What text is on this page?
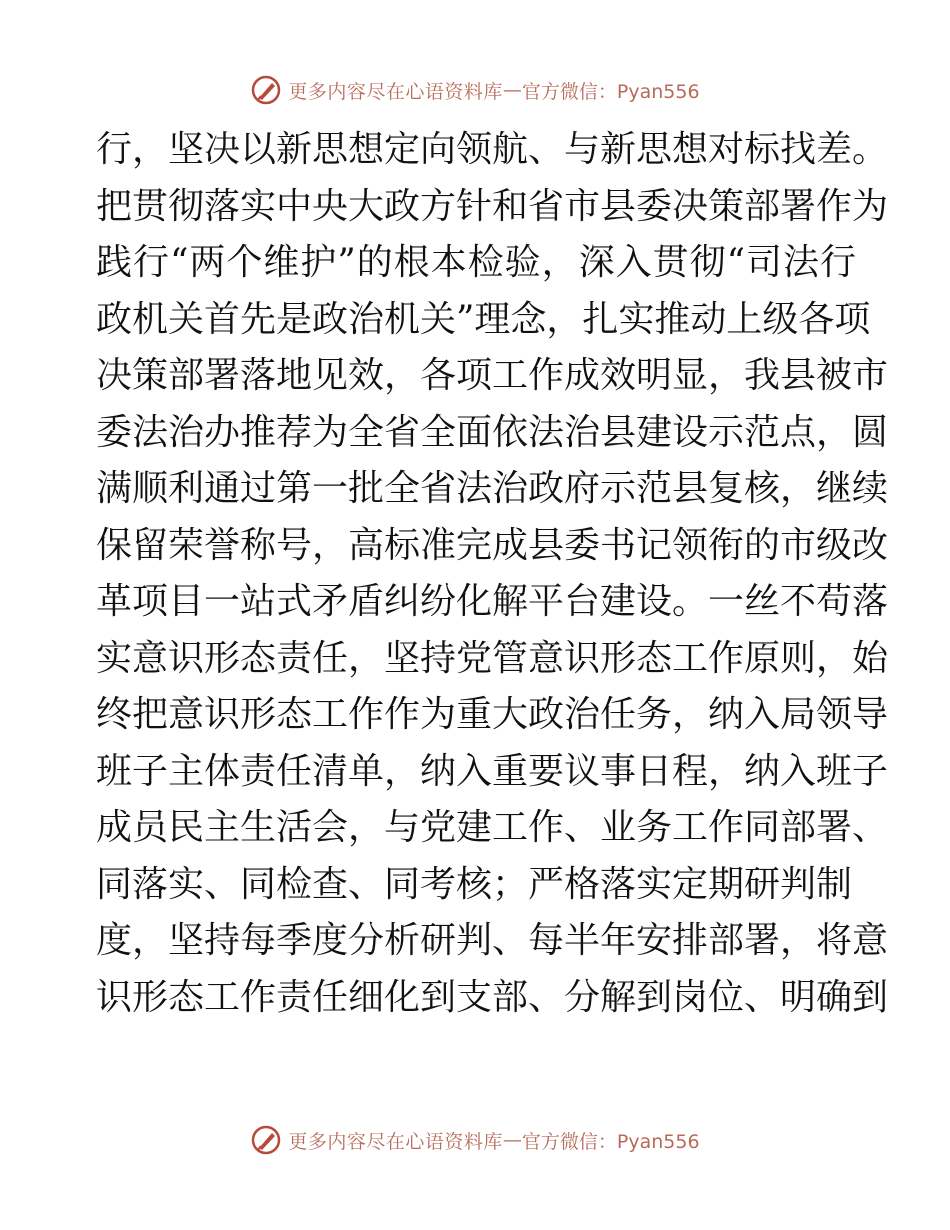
更多内容尽在心语资料库 — 官方微信：Pyan556
行，坚决以新思想定向领航、与新思想对标找差。
把贯彻落实中央大政方针和省市县委决策部署作为
践行“两个维护”的根本检验，深入贯彻“司法行
政机关首先是政治机关”理念，扎实推动上级各项
决策部署落地见效，各项工作成效明显，我县被市
委法治办推荐为全省全面依法治县建设示范点，圆
满顺利通过第一批全省法治政府示范县复核，继续
保留荣誉称号，高标准完成县委书记领衔的市级改
革项目一站式矛盾纠纷化解平台建设。一丝不苟落
实意识形态责任，坚持党管意识形态工作原则，始
终把意识形态工作作为重大政治任务，纳入局领导
班子主体责任清单，纳入重要议事日程，纳入班子
成员民主生活会，与党建工作、业务工作同部署、
同落实、同检查、同考核；严格落实定期研判制
度，坚持每季度分析研判、每半年安排部署，将意
识形态工作责任细化到支部、分解到岗位、明确到
更多内容尽在心语资料库 — 官方微信：Pyan556
